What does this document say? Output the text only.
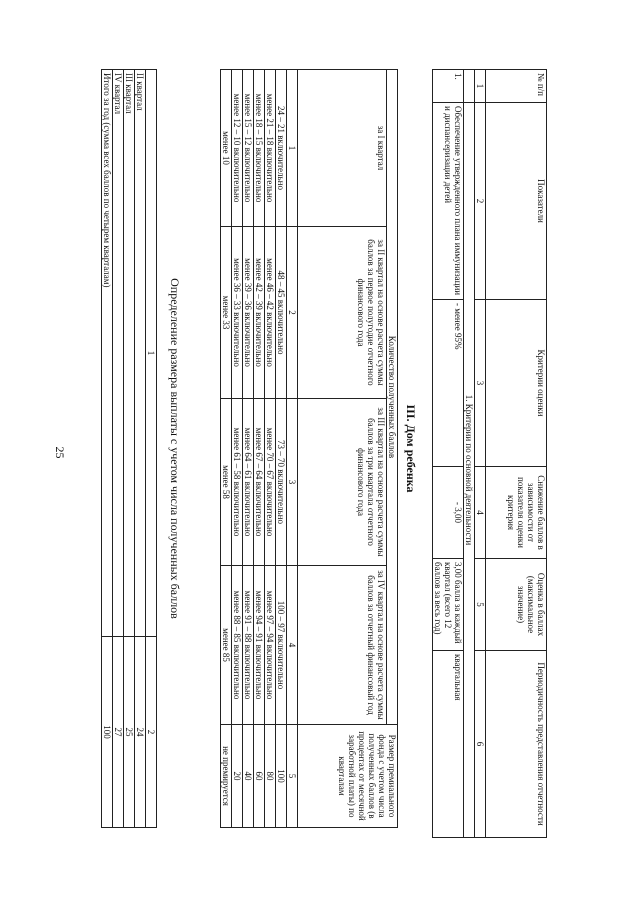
25
1	2
II квартал	24
III квартал	25
IV квартал	27
Итого за год (сумма всех баллов по четырем кварталам)	100
Определение размера выплаты с учетом числа полученных баллов	Количество полученных баллов				Размер премиального фонда с учетом числа полученных баллов (в процентах от месячной заработной платы) по кварталам
за I квартал	за II квартал на основе расчета суммы баллов за первое полугодие отчетного финансового года	за III квартал на основе расчета суммы баллов за три квартала отчетного финансового года	за IV квартал на основе расчета суммы баллов за отчетный финансовый год	
1	2	3	4	5
24 – 21 включительно	48 – 45 включительно	73 – 70 включительно	100 – 97 включительно	100
менее 21 – 18 включительно	менее 46 – 42 включительно	менее 70 – 67 включительно	менее 97 – 94 включительно	80
менее 18 – 15 включительно	менее 42 – 39 включительно	менее 67 – 64 включительно	менее 94 – 91 включительно	60
менее 15 – 12 включительно	менее 39 – 36 включительно	менее 64 – 61 включительно	менее 91 – 88 включительно	40
менее 12 – 10 включительно	менее 36 – 33 включительно	менее 61 – 58 включительно	менее 88 – 85 включительно	20
менее 10	менее 33	менее 58	менее 85	не премируется
III. Дом ребенка
№ п/п	Показатели	Критерии оценки	Снижение баллов в зависимости от показателя оценки критерия	Оценка в баллах (максимальное значение)	Периодичность представления отчетности
1	2	3	4	5	6
	1. Критерии по основной деятельности				
1.	Обеспечение утвержденного плана иммунизации и диспансеризации детей	- менее 95%	- 3,00	3,00 балла за каждый квартал (всего 12 баллов за весь год)	квартальная
